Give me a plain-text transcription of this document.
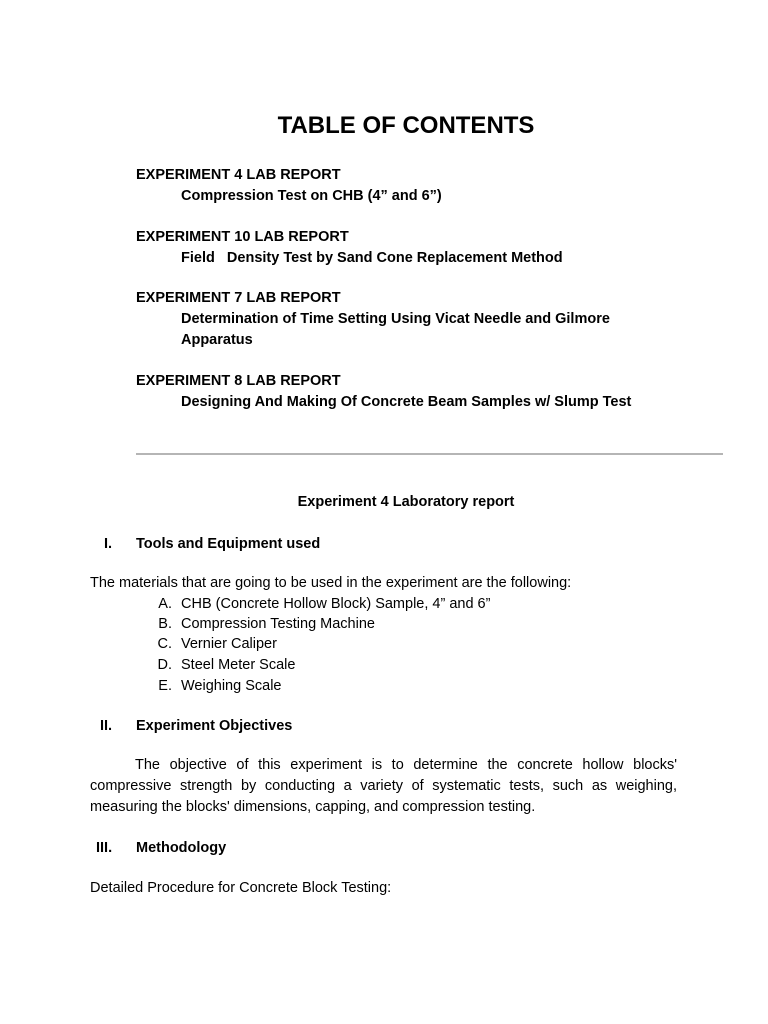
TABLE OF CONTENTS
EXPERIMENT 4 LAB REPORT
Compression Test on CHB (4” and 6”)
EXPERIMENT 10 LAB REPORT
Field   Density Test by Sand Cone Replacement Method
EXPERIMENT 7 LAB REPORT
Determination of Time Setting Using Vicat Needle and Gilmore
Apparatus
EXPERIMENT 8 LAB REPORT
Designing And Making Of Concrete Beam Samples w/ Slump Test
Experiment 4 Laboratory report
I. Tools and Equipment used
The materials that are going to be used in the experiment are the following:
A. CHB (Concrete Hollow Block) Sample, 4” and 6”
B. Compression Testing Machine
C. Vernier Caliper
D. Steel Meter Scale
E. Weighing Scale
II. Experiment Objectives
The objective of this experiment is to determine the concrete hollow blocks' compressive strength by conducting a variety of systematic tests, such as weighing, measuring the blocks' dimensions, capping, and compression testing.
III. Methodology
Detailed Procedure for Concrete Block Testing:
